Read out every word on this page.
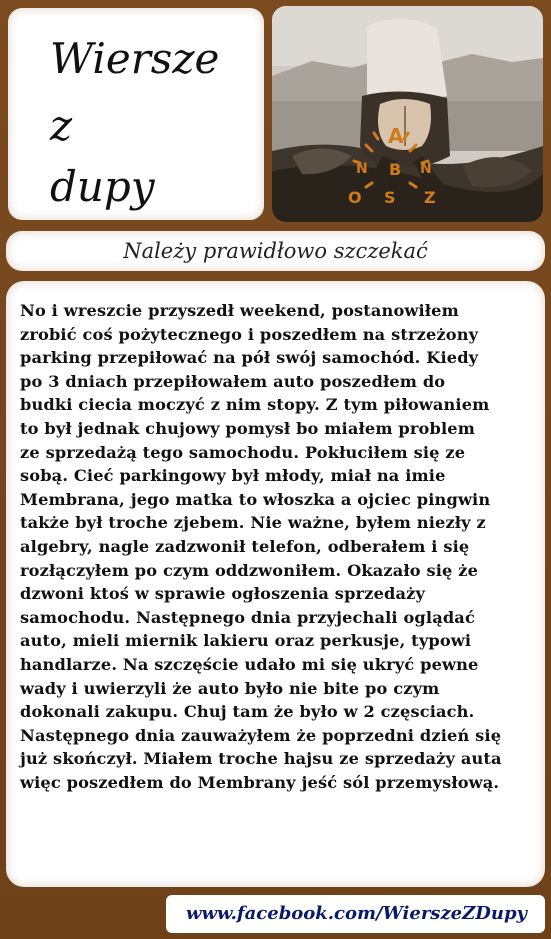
Wiersze
z
dupy
A
B
O S Z
N	N
Należy prawidłowo szczekać
No i wreszcie przyszedł weekend, postanowiłem
zrobić coś pożytecznego i poszedłem na strzeżony
parking przepiłować na pół swój samochód. Kiedy
po 3 dniach przepiłowałem auto poszedłem do
budki ciecia moczyć z nim stopy. Z tym piłowaniem
to był jednak chujowy pomysł bo miałem problem
ze sprzedażą tego samochodu. Pokłuciłem się ze
sobą. Cieć parkingowy był młody, miał na imie
Membrana, jego matka to włoszka a ojciec pingwin
także był troche zjebem. Nie ważne, byłem niezły z
algebry, nagle zadzwonił telefon, odberałem i się
rozłączyłem po czym oddzwoniłem. Okazało się że
dzwoni ktoś w sprawie ogłoszenia sprzedaży
samochodu. Następnego dnia przyjechali oglądać
auto, mieli miernik lakieru oraz perkusje, typowi
handlarze. Na szczęście udało mi się ukryć pewne
wady i uwierzyli że auto było nie bite po czym
dokonali zakupu. Chuj tam że było w 2 częsciach.
Następnego dnia zauważyłem że poprzedni dzień się
już skończył. Miałem troche hajsu ze sprzedaży auta
więc poszedłem do Membrany jeść sól przemysłową.
www.facebook.com/WierszeZDupy
